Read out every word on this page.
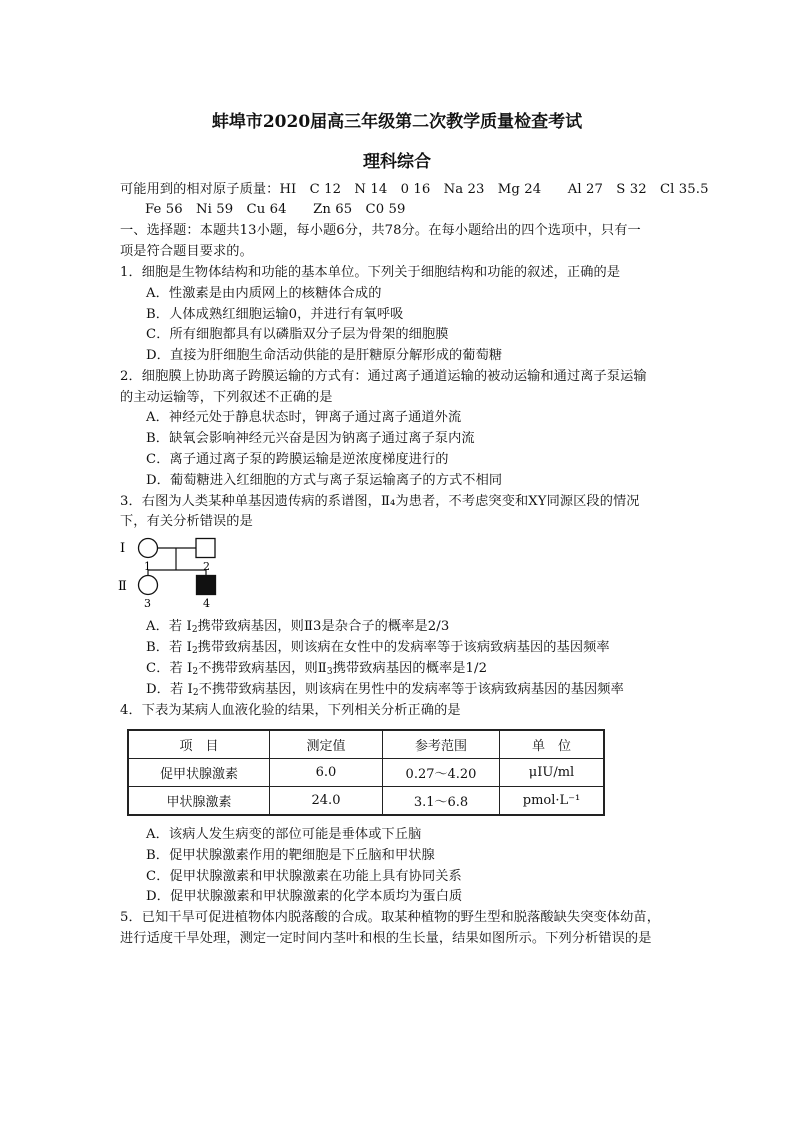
蚌埠市2020届高三年级第二次教学质量检查考试
理科综合
可能用到的相对原子质量：HI　C 12　N 14　0 16　Na 23　Mg 24　　Al 27　S 32　Cl 35.5
Fe 56　Ni 59　Cu 64　　Zn 65　C0 59
一、选择题：本题共13小题，每小题6分，共78分。在每小题给出的四个选项中，只有一
项是符合题目要求的。
1．细胞是生物体结构和功能的基本单位。下列关于细胞结构和功能的叙述，正确的是
A．性激素是由内质网上的核糖体合成的
B．人体成熟红细胞运输0，并进行有氧呼吸
C．所有细胞都具有以磷脂双分子层为骨架的细胞膜
D．直接为肝细胞生命活动供能的是肝糖原分解形成的葡萄糖
2．细胞膜上协助离子跨膜运输的方式有：通过离子通道运输的被动运输和通过离子泵运输
的主动运输等，下列叙述不正确的是
A．神经元处于静息状态时，钾离子通过离子通道外流
B．缺氧会影响神经元兴奋是因为钠离子通过离子泵内流
C．离子通过离子泵的跨膜运输是逆浓度梯度进行的
D．葡萄糖进入红细胞的方式与离子泵运输离子的方式不相同
3．右图为人类某种单基因遗传病的系谱图，Ⅱ₄为患者，不考虑突变和XY同源区段的情况
下，有关分析错误的是
I
Ⅱ
1	2
3	4
A．若 $I_2$携带致病基因，则Ⅱ3是杂合子的概率是2/3
B．若 $I_2$携带致病基因，则该病在女性中的发病率等于该病致病基因的基因频率
C．若 $I_2$不携带致病基因，则$Ⅱ_3$携带致病基因的概率是1/2
D．若 $I_2$不携带致病基因，则该病在男性中的发病率等于该病致病基因的基因频率
4．下表为某病人血液化验的结果，下列相关分析正确的是
项　目	测定值	参考范围	单　位
促甲状腺激素	6.0	0.27～4.20	μIU/ml
甲状腺激素	24.0	3.1～6.8	pmol·L⁻¹
A．该病人发生病变的部位可能是垂体或下丘脑
B．促甲状腺激素作用的靶细胞是下丘脑和甲状腺
C．促甲状腺激素和甲状腺激素在功能上具有协同关系
D．促甲状腺激素和甲状腺激素的化学本质均为蛋白质
5．已知干旱可促进植物体内脱落酸的合成。取某种植物的野生型和脱落酸缺失突变体幼苗，
进行适度干旱处理，测定一定时间内茎叶和根的生长量，结果如图所示。下列分析错误的是
